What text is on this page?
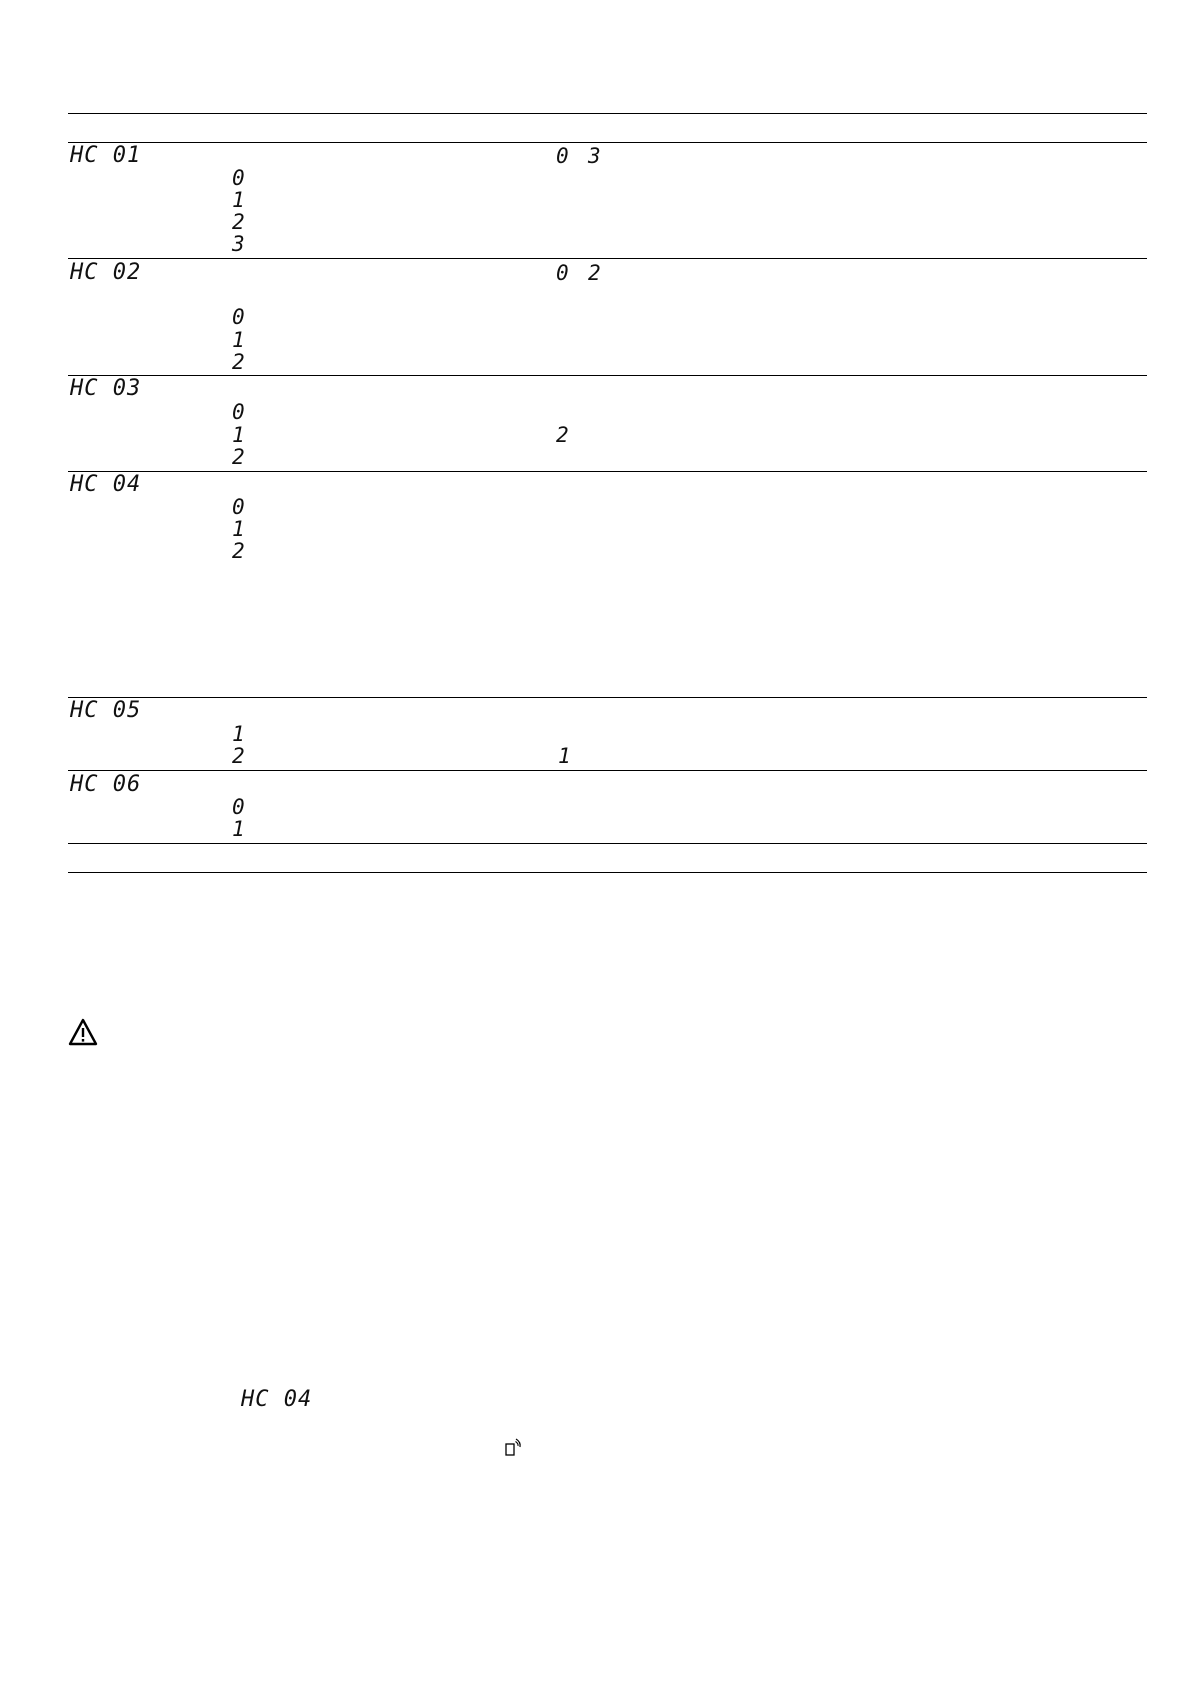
HC 01
0
1
2
3
0 3
HC 02
0
1
2
0 2
HC 03
0
1
2
2
HC 04
0
1
2
HC 05
1
2	1
HC 06
0
1
HC 04
